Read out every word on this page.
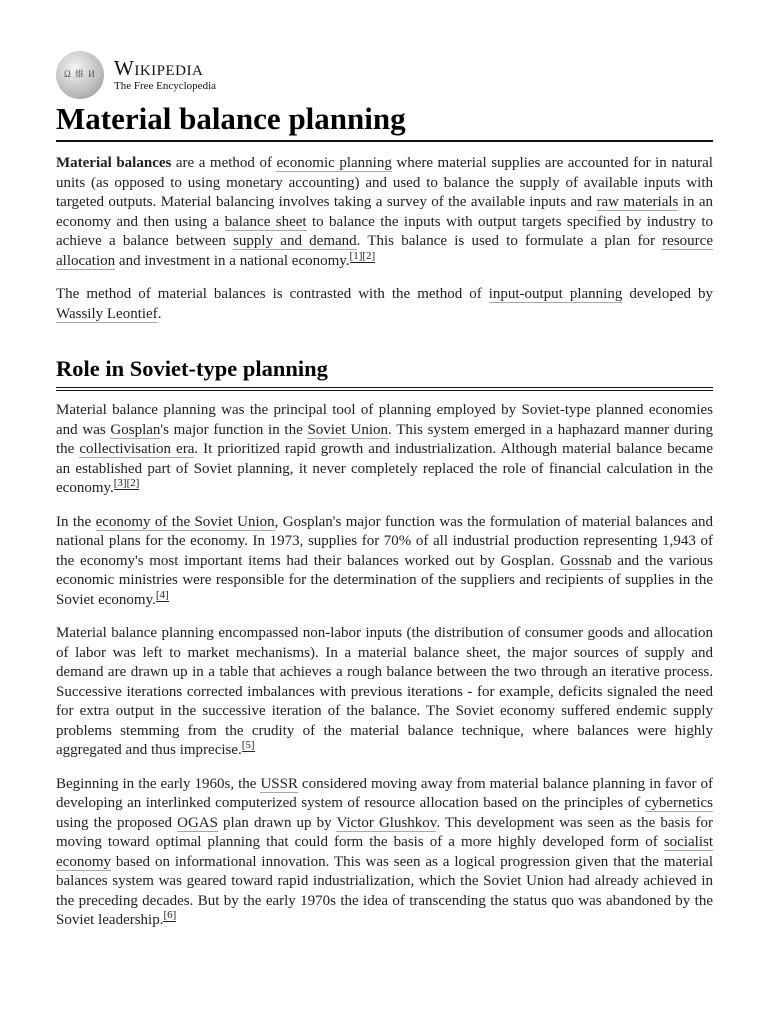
Ω 維 И
Wikipedia
The Free Encyclopedia
Material balance planning

Material balances are a method of economic planning where material supplies are accounted for in natural units (as opposed to using monetary accounting) and used to balance the supply of available inputs with targeted outputs. Material balancing involves taking a survey of the available inputs and raw materials in an economy and then using a balance sheet to balance the inputs with output targets specified by industry to achieve a balance between supply and demand. This balance is used to formulate a plan for resource allocation and investment in a national economy.[1][2]

The method of material balances is contrasted with the method of input-output planning developed by Wassily Leontief.

Role in Soviet-type planning

Material balance planning was the principal tool of planning employed by Soviet-type planned economies and was Gosplan's major function in the Soviet Union. This system emerged in a haphazard manner during the collectivisation era. It prioritized rapid growth and industrialization. Although material balance became an established part of Soviet planning, it never completely replaced the role of financial calculation in the economy.[3][2]

In the economy of the Soviet Union, Gosplan's major function was the formulation of material balances and national plans for the economy. In 1973, supplies for 70% of all industrial production representing 1,943 of the economy's most important items had their balances worked out by Gosplan. Gossnab and the various economic ministries were responsible for the determination of the suppliers and recipients of supplies in the Soviet economy.[4]

Material balance planning encompassed non-labor inputs (the distribution of consumer goods and allocation of labor was left to market mechanisms). In a material balance sheet, the major sources of supply and demand are drawn up in a table that achieves a rough balance between the two through an iterative process. Successive iterations corrected imbalances with previous iterations - for example, deficits signaled the need for extra output in the successive iteration of the balance. The Soviet economy suffered endemic supply problems stemming from the crudity of the material balance technique, where balances were highly aggregated and thus imprecise.[5]

Beginning in the early 1960s, the USSR considered moving away from material balance planning in favor of developing an interlinked computerized system of resource allocation based on the principles of cybernetics using the proposed OGAS plan drawn up by Victor Glushkov. This development was seen as the basis for moving toward optimal planning that could form the basis of a more highly developed form of socialist economy based on informational innovation. This was seen as a logical progression given that the material balances system was geared toward rapid industrialization, which the Soviet Union had already achieved in the preceding decades. But by the early 1970s the idea of transcending the status quo was abandoned by the Soviet leadership.[6]
